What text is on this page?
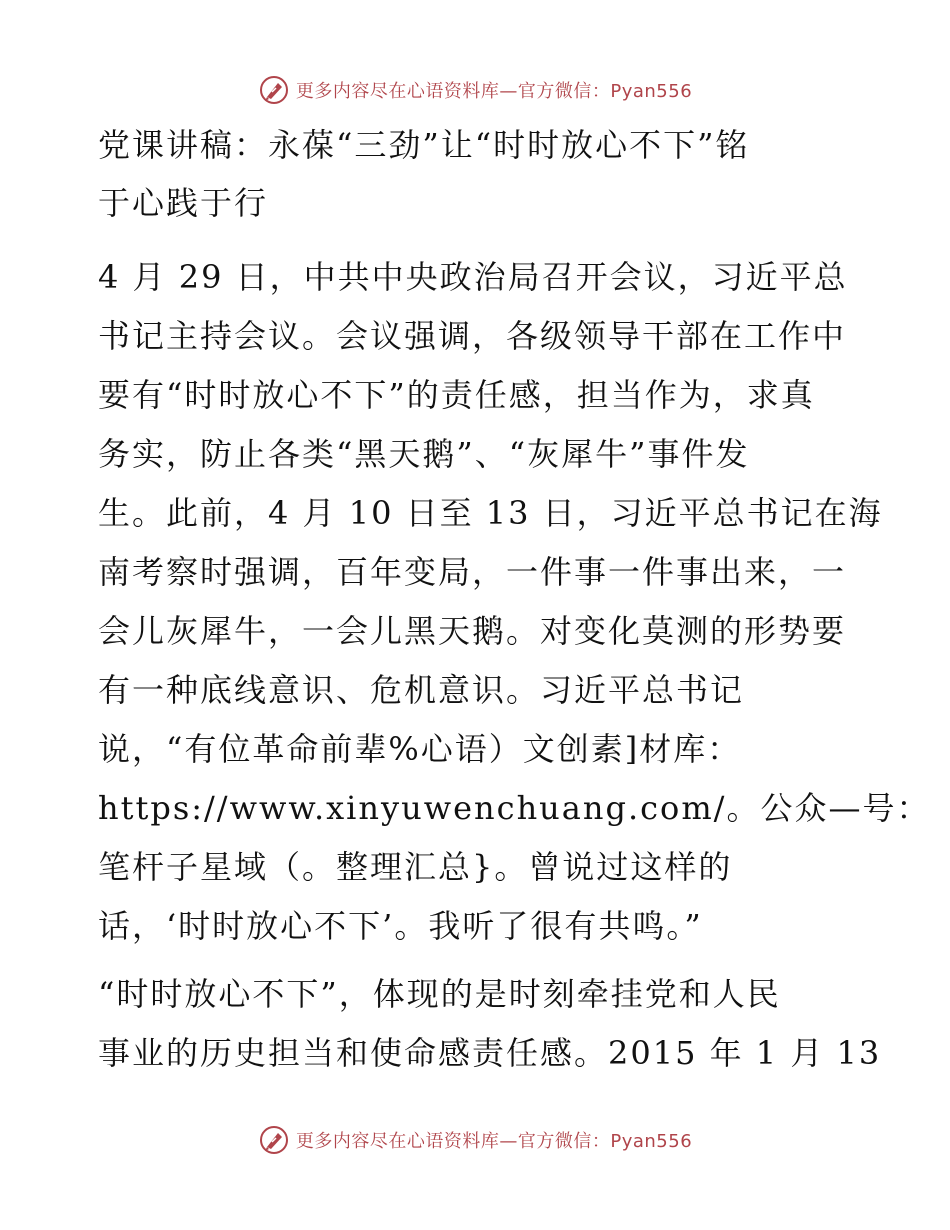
更多内容尽在心语资料库—官方微信：Pyan556
党课讲稿：永葆“三劲”让“时时放心不下”铭
于心践于行

4 月 29 日，中共中央政治局召开会议，习近平总
书记主持会议。会议强调，各级领导干部在工作中
要有“时时放心不下”的责任感，担当作为，求真
务实，防止各类“黑天鹅”、“灰犀牛”事件发
生。此前，4 月 10 日至 13 日，习近平总书记在海
南考察时强调，百年变局，一件事一件事出来，一
会儿灰犀牛，一会儿黑天鹅。对变化莫测的形势要
有一种底线意识、危机意识。习近平总书记
说，“有位革命前辈%心语）文创素]材库：
https://www.xinyuwenchuang.com/。公众—号：
笔杆子星域（。整理汇总}。曾说过这样的
话，‘时时放心不下’。我听了很有共鸣。”

“时时放心不下”，体现的是时刻牵挂党和人民
事业的历史担当和使命感责任感。2015 年 1 月 13

更多内容尽在心语资料库—官方微信：Pyan556
